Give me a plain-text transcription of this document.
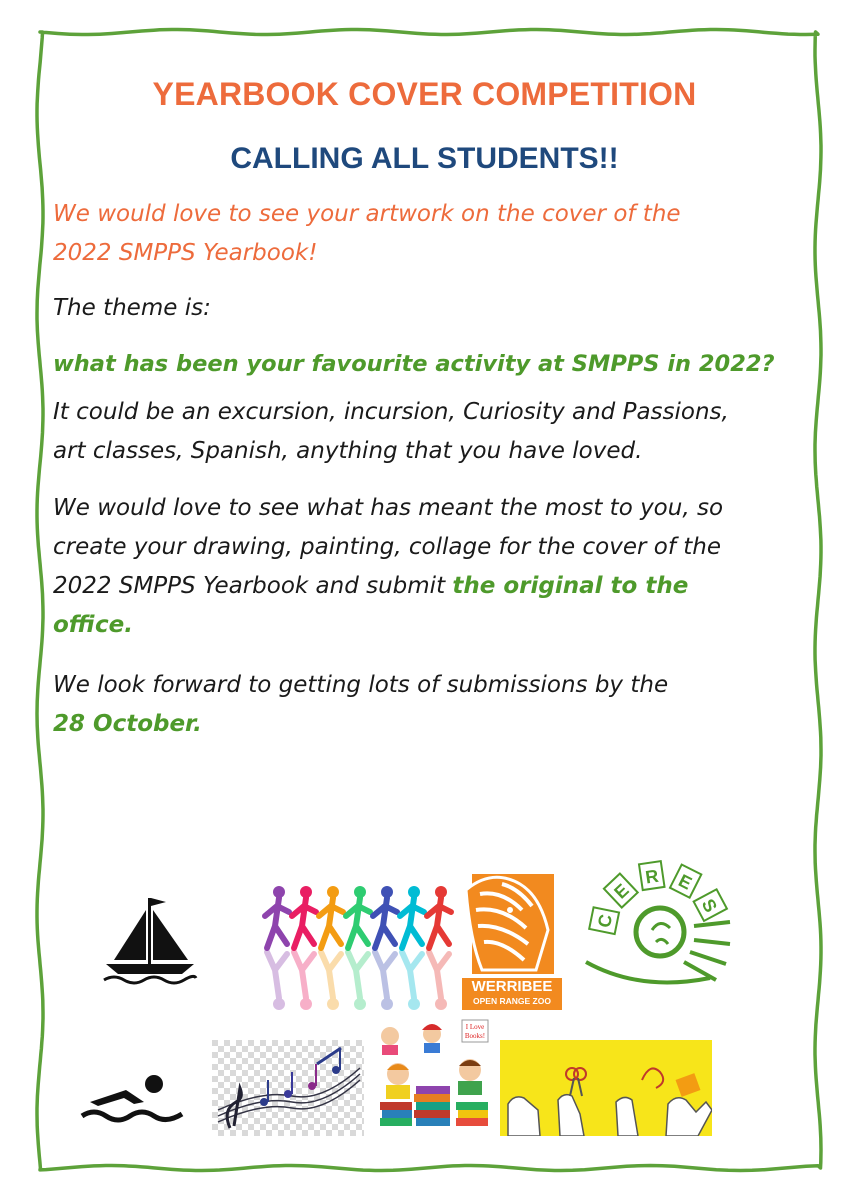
YEARBOOK COVER COMPETITION
CALLING ALL STUDENTS!!
We would love to see your artwork on the cover of the
2022 SMPPS Yearbook!
The theme is:
what has been your favourite activity at SMPPS in 2022?
It could be an excursion, incursion, Curiosity and Passions,
art classes, Spanish, anything that you have loved.
We would love to see what has meant the most to you, so
create your drawing, painting, collage for the cover of the
2022 SMPPS Yearbook and submit the original to the
office.
We look forward to getting lots of submissions by the
28 October.
WERRIBEE
OPEN RANGE ZOO
C
E
R E
S
I Love
Books!
